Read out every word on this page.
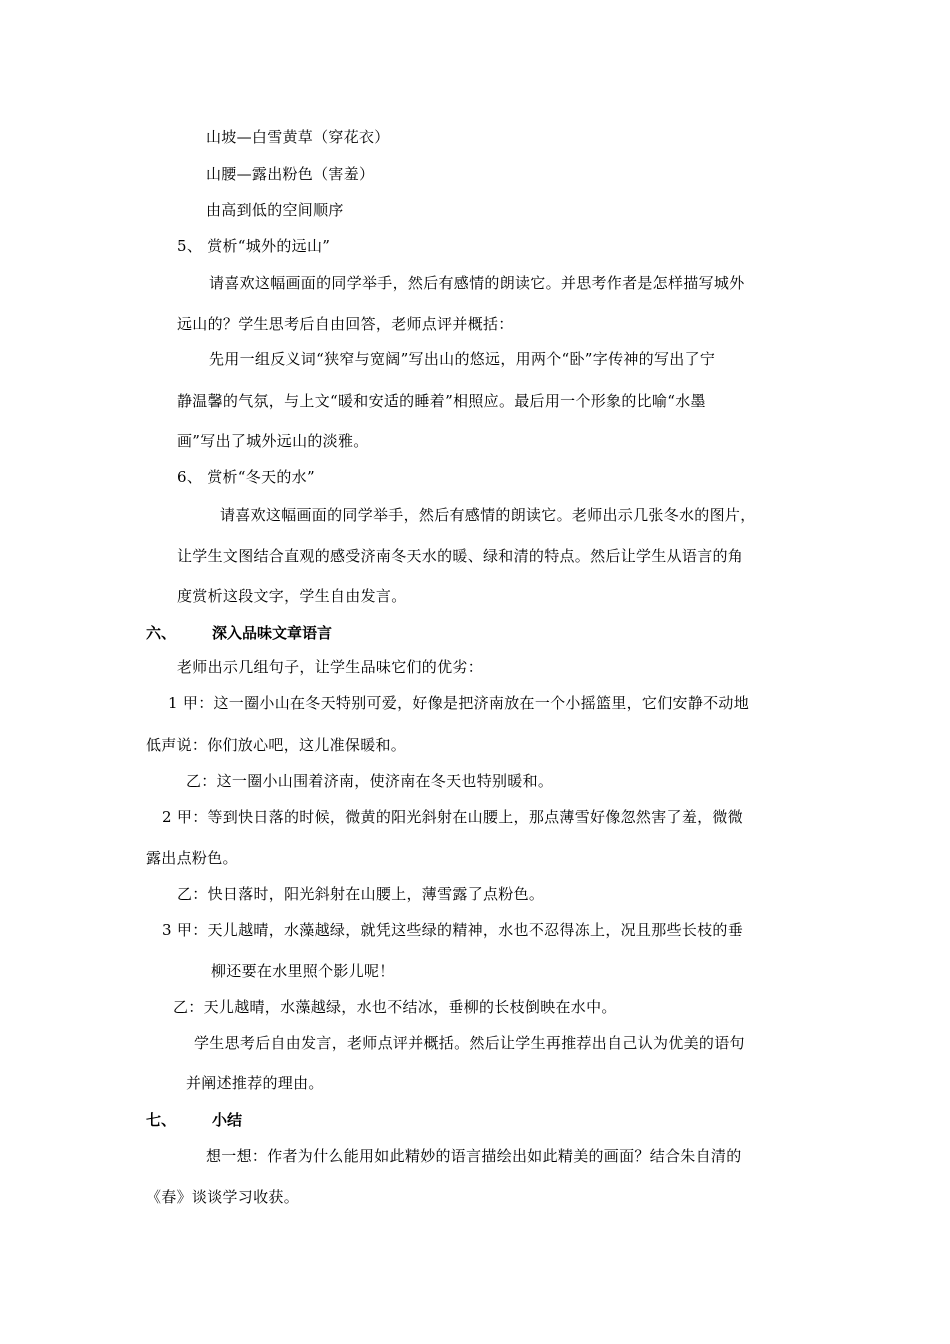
山坡—白雪黄草（穿花衣）
山腰—露出粉色（害羞）
由高到低的空间顺序
5、 赏析“城外的远山”
请喜欢这幅画面的同学举手，然后有感情的朗读它。并思考作者是怎样描写城外
远山的？学生思考后自由回答，老师点评并概括：
先用一组反义词“狭窄与宽阔”写出山的悠远，用两个“卧”字传神的写出了宁
静温馨的气氛，与上文“暖和安适的睡着”相照应。最后用一个形象的比喻“水墨
画”写出了城外远山的淡雅。
6、 赏析“冬天的水”
请喜欢这幅画面的同学举手，然后有感情的朗读它。老师出示几张冬水的图片，
让学生文图结合直观的感受济南冬天水的暖、绿和清的特点。然后让学生从语言的角
度赏析这段文字，学生自由发言。
六、 深入品味文章语言
老师出示几组句子，让学生品味它们的优劣：
1 甲：这一圈小山在冬天特别可爱，好像是把济南放在一个小摇篮里，它们安静不动地
低声说：你们放心吧，这儿准保暖和。
乙：这一圈小山围着济南，使济南在冬天也特别暖和。
2 甲：等到快日落的时候，微黄的阳光斜射在山腰上，那点薄雪好像忽然害了羞，微微
露出点粉色。
乙：快日落时，阳光斜射在山腰上，薄雪露了点粉色。
3 甲：天儿越晴，水藻越绿，就凭这些绿的精神，水也不忍得冻上，况且那些长枝的垂
柳还要在水里照个影儿呢！
乙：天儿越晴，水藻越绿，水也不结冰，垂柳的长枝倒映在水中。
学生思考后自由发言，老师点评并概括。然后让学生再推荐出自己认为优美的语句
并阐述推荐的理由。
七、 小结
想一想：作者为什么能用如此精妙的语言描绘出如此精美的画面？结合朱自清的
《春》谈谈学习收获。
